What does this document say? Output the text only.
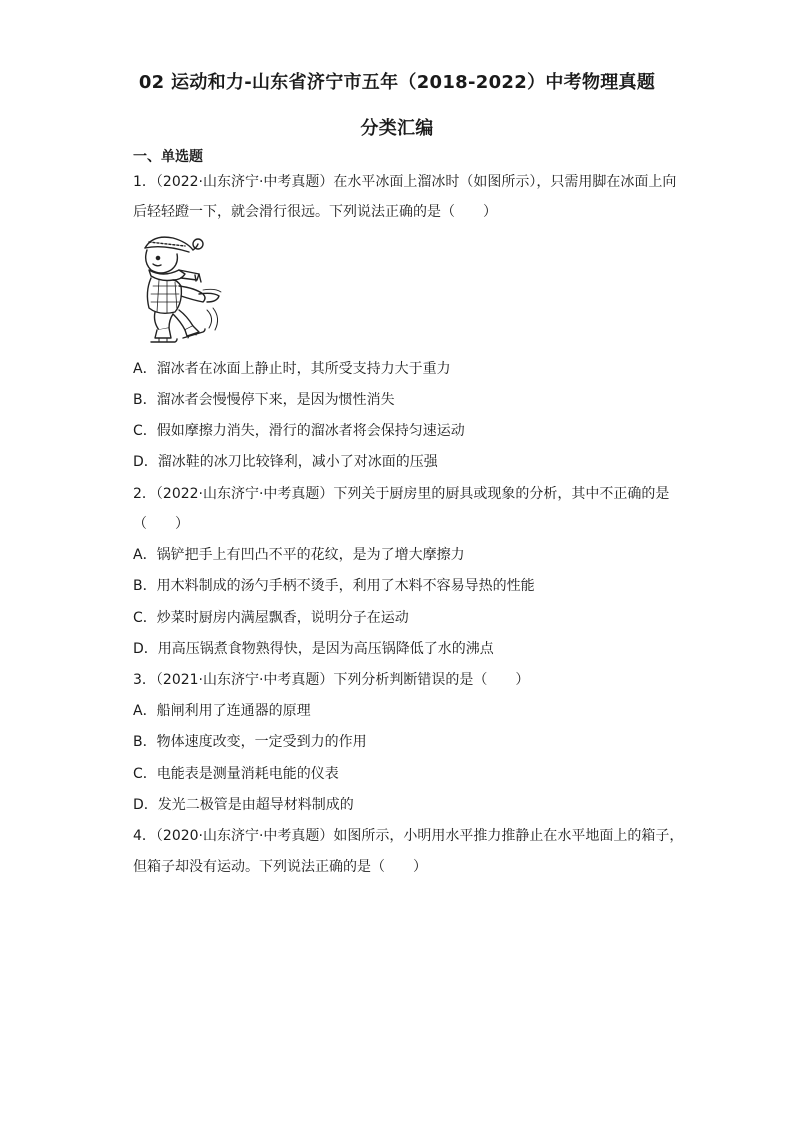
02 运动和力-山东省济宁市五年（2018-2022）中考物理真题
分类汇编
一、单选题
1．（2022·山东济宁·中考真题）在水平冰面上溜冰时（如图所示），只需用脚在冰面上向
后轻轻蹬一下，就会滑行很远。下列说法正确的是（　　）
A．溜冰者在冰面上静止时，其所受支持力大于重力
B．溜冰者会慢慢停下来，是因为惯性消失
C．假如摩擦力消失，滑行的溜冰者将会保持匀速运动
D．溜冰鞋的冰刀比较锋利，减小了对冰面的压强
2．（2022·山东济宁·中考真题）下列关于厨房里的厨具或现象的分析，其中不正确的是
（　　）
A．锅铲把手上有凹凸不平的花纹，是为了增大摩擦力
B．用木料制成的汤勺手柄不烫手，利用了木料不容易导热的性能
C．炒菜时厨房内满屋飘香，说明分子在运动
D．用高压锅煮食物熟得快，是因为高压锅降低了水的沸点
3．（2021·山东济宁·中考真题）下列分析判断错误的是（　　）
A．船闸利用了连通器的原理
B．物体速度改变，一定受到力的作用
C．电能表是测量消耗电能的仪表
D．发光二极管是由超导材料制成的
4．（2020·山东济宁·中考真题）如图所示，小明用水平推力推静止在水平地面上的箱子，
但箱子却没有运动。下列说法正确的是（　　）
